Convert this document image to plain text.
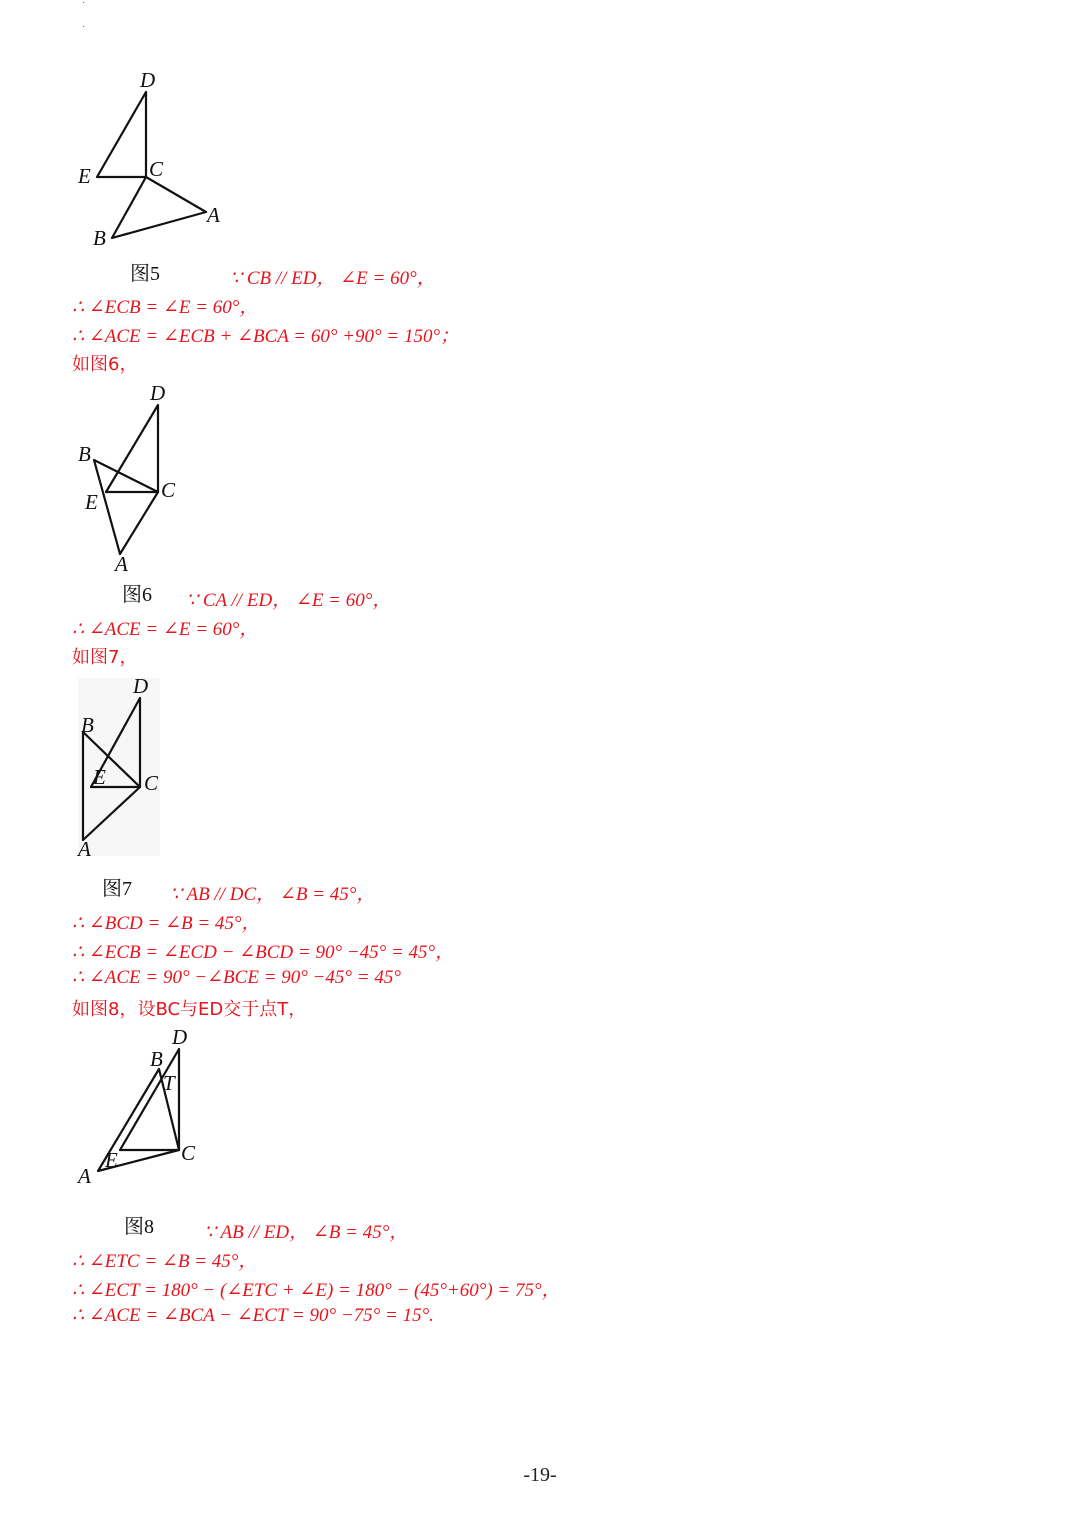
·
·
D
E	C
A
B
图5	∵ CB // ED， ∠E = 60°，
∴ ∠ECB = ∠E = 60°，
∴ ∠ACE = ∠ECB + ∠BCA = 60° +90° = 150°；
如图6，
D
B
C
E
A
图6 ∵ CA // ED， ∠E = 60°，
∴ ∠ACE = ∠E = 60°，
如图7，
D
B
E C
A
图7 ∵ AB // DC， ∠B = 45°，
∴ ∠BCD = ∠B = 45°，
∴ ∠ECB = ∠ECD − ∠BCD = 90° −45° = 45°，
∴ ∠ACE = 90° −∠BCE = 90° −45° = 45°
如图8，设BC与ED交于点T，
D
B
T
E	C
A
图8	∵ AB // ED， ∠B = 45°，
∴ ∠ETC = ∠B = 45°，
∴ ∠ECT = 180° − (∠ETC + ∠E) = 180° − (45°+60°) = 75°，
∴ ∠ACE = ∠BCA − ∠ECT = 90° −75° = 15°.
-19-
